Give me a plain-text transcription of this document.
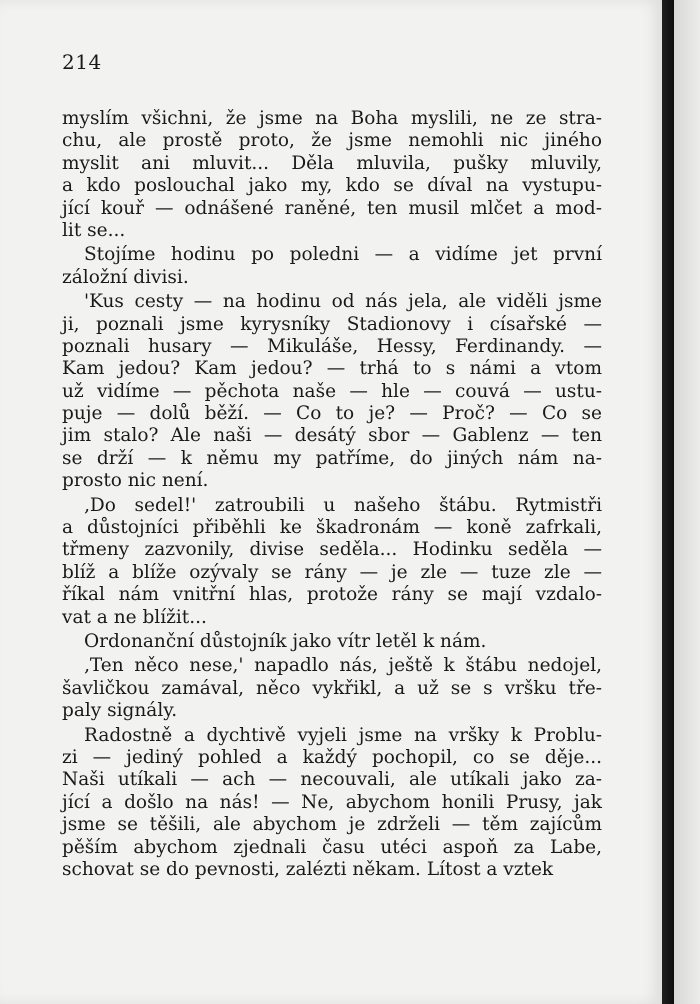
214
myslím všichni, že jsme na Boha myslili, ne ze stra-
chu, ale prostě proto, že jsme nemohli nic jiného
myslit ani mluvit... Děla mluvila, pušky mluvily,
a kdo poslouchal jako my, kdo se díval na vystupu-
jící kouř — odnášené raněné, ten musil mlčet a mod-
lit se...
Stojíme hodinu po poledni — a vidíme jet první
záložní divisi.
'Kus cesty — na hodinu od nás jela, ale viděli jsme
ji, poznali jsme kyrysníky Stadionovy i císařské —
poznali husary — Mikuláše, Hessy, Ferdinandy. —
Kam jedou? Kam jedou? — trhá to s námi a vtom
už vidíme — pěchota naše — hle — couvá — ustu-
puje — dolů běží. — Co to je? — Proč? — Co se
jim stalo? Ale naši — desátý sbor — Gablenz — ten
se drží — k němu my patříme, do jiných nám na-
prosto nic není.
‚Do sedel!' zatroubili u našeho štábu. Rytmistři
a důstojníci přiběhli ke škadronám — koně zafrkali,
třmeny zazvonily, divise seděla... Hodinku seděla —
blíž a blíže ozývaly se rány — je zle — tuze zle —
říkal nám vnitřní hlas, protože rány se mají vzdalo-
vat a ne blížit...
Ordonanční důstojník jako vítr letěl k nám.
‚Ten něco nese,' napadlo nás, ještě k štábu nedojel,
šavličkou zamával, něco vykřikl, a už se s vršku tře-
paly signály.
Radostně a dychtivě vyjeli jsme na vršky k Problu-
zi — jediný pohled a každý pochopil, co se děje...
Naši utíkali — ach — necouvali, ale utíkali jako za-
jící a došlo na nás! — Ne, abychom honili Prusy, jak
jsme se těšili, ale abychom je zdrželi — těm zajícům
pěším abychom zjednali času utéci aspoň za Labe,
schovat se do pevnosti, zalézti někam. Lítost a vztek
